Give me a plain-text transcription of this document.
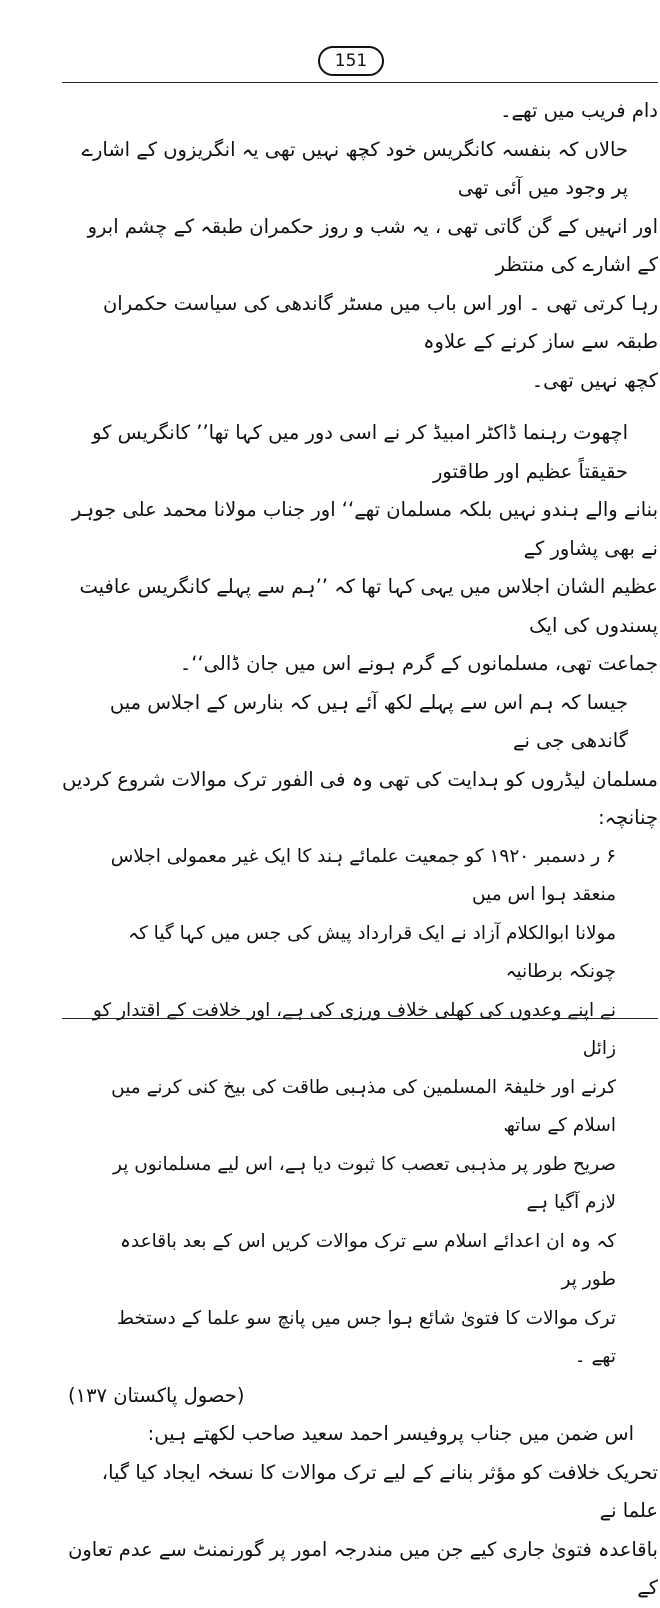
151

دام فریب میں تھے۔

حالاں کہ بنفسہ کانگریس خود کچھ نہیں تھی یہ انگریزوں کے اشارے پر وجود میں آئی تھی

اور انہیں کے گن گاتی تھی ، یہ شب و روز حکمران طبقہ کے چشم ابرو کے اشارے کی منتظر

رہا کرتی تھی ۔ اور اس باب میں مسٹر گاندھی کی سیاست حکمران طبقہ سے ساز کرنے کے علاوہ

کچھ نہیں تھی۔

اچھوت رہنما ڈاکٹر امبیڈ کر نے اسی دور میں کہا تھا’’ کانگریس کو حقیقتاً عظیم اور طاقتور

بنانے والے ہندو نہیں بلکہ مسلمان تھے‘‘ اور جناب مولانا محمد علی جوہر نے بھی پشاور کے

عظیم الشان اجلاس میں یہی کہا تھا کہ ’’ہم سے پہلے کانگریس عافیت پسندوں کی ایک

جماعت تھی، مسلمانوں کے گرم ہونے اس میں جان ڈالی‘‘۔

جیسا کہ ہم اس سے پہلے لکھ آئے ہیں کہ بنارس کے اجلاس میں گاندھی جی نے

مسلمان لیڈروں کو ہدایت کی تھی وہ فی الفور ترک موالات شروع کردیں چنانچہ:

۶ ر دسمبر ۱۹۲۰ کو جمعیت علمائے ہند کا ایک غیر معمولی اجلاس منعقد ہوا اس میں

مولانا ابوالکلام آزاد نے ایک قرارداد پیش کی جس میں کہا گیا کہ چونکہ برطانیہ

نے اپنے وعدوں کی کھلی خلاف ورزی کی ہے، اور خلافت کے اقتدار کو زائل

کرنے اور خلیفۃ المسلمین کی مذہبی طاقت کی بیخ کنی کرنے میں اسلام کے ساتھ

صریح طور پر مذہبی تعصب کا ثبوت دیا ہے، اس لیے مسلمانوں پر لازم آگیا ہے

کہ وہ ان اعدائے اسلام سے ترک موالات کریں اس کے بعد باقاعدہ طور پر

ترک موالات کا فتویٰ شائع ہوا جس میں پانچ سو علما کے دستخط تھے ۔

(حصول پاکستان ۱۳۷)

اس ضمن میں جناب پروفیسر احمد سعید صاحب لکھتے ہیں:

تحریک خلافت کو مؤثر بنانے کے لیے ترک موالات کا نسخہ ایجاد کیا گیا، علما نے

باقاعدہ فتویٰ جاری کیے جن میں مندرجہ امور پر گورنمنٹ سے عدم تعاون کے
